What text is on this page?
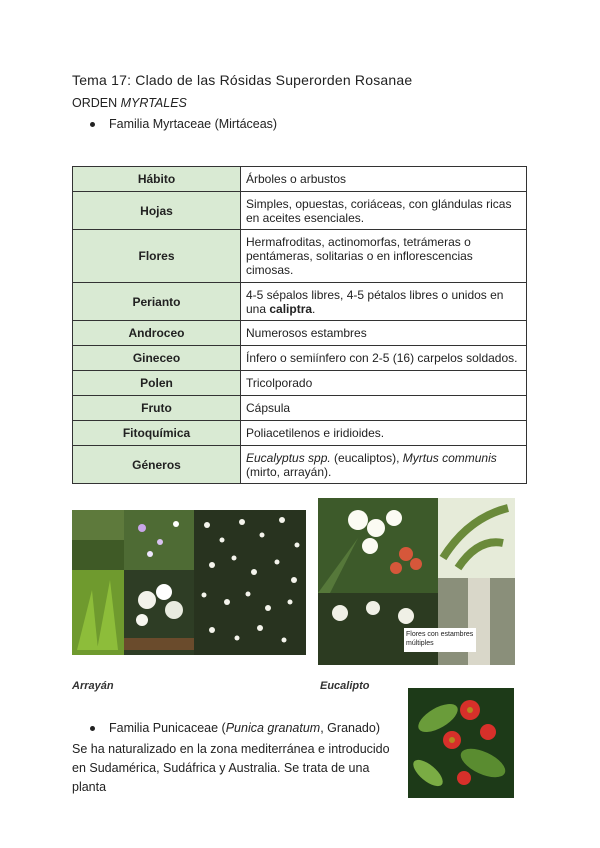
Tema 17: Clado de las Rósidas Superorden Rosanae
ORDEN MYRTALES
Familia Myrtaceae (Mirtáceas)
Hábito	Árboles o arbustos
Hojas	Simples, opuestas, coriáceas, con glándulas ricas en aceites esenciales.
Flores	Hermafroditas, actinomorfas, tetrámeras o pentámeras, solitarias o en inflorescencias cimosas.
Perianto	4-5 sépalos libres, 4-5 pétalos libres o unidos en una caliptra.
Androceo	Numerosos estambres
Gineceo	Ínfero o semiínfero con 2-5 (16) carpelos soldados.
Polen	Tricolporado
Fruto	Cápsula
Fitoquímica	Poliacetilenos e iridioides.
Géneros	Eucalyptus spp. (eucaliptos), Myrtus communis (mirto, arrayán).
Arrayán
Flores con estambres múltiples
Eucalipto
Familia Punicaceae (Punica granatum, Granado)
Se ha naturalizado en la zona mediterránea e introducido en Sudamérica, Sudáfrica y Australia. Se trata de una planta
